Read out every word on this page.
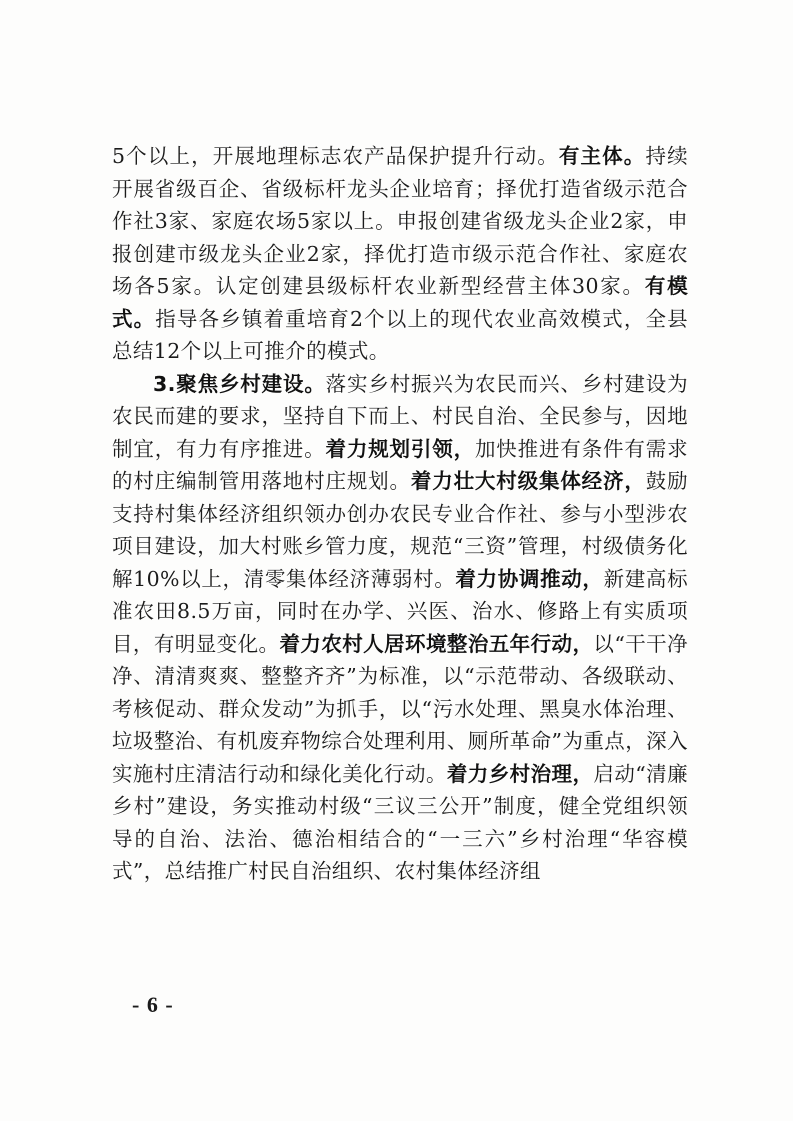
5个以上，开展地理标志农产品保护提升行动。有主体。持续开展省级百企、省级标杆龙头企业培育；择优打造省级示范合作社3家、家庭农场5家以上。申报创建省级龙头企业2家，申报创建市级龙头企业2家，择优打造市级示范合作社、家庭农场各5家。认定创建县级标杆农业新型经营主体30家。有模式。指导各乡镇着重培育2个以上的现代农业高效模式，全县总结12个以上可推介的模式。

3.聚焦乡村建设。落实乡村振兴为农民而兴、乡村建设为农民而建的要求，坚持自下而上、村民自治、全民参与，因地制宜，有力有序推进。着力规划引领，加快推进有条件有需求的村庄编制管用落地村庄规划。着力壮大村级集体经济，鼓励支持村集体经济组织领办创办农民专业合作社、参与小型涉农项目建设，加大村账乡管力度，规范“三资”管理，村级债务化解10%以上，清零集体经济薄弱村。着力协调推动，新建高标准农田8.5万亩，同时在办学、兴医、治水、修路上有实质项目，有明显变化。着力农村人居环境整治五年行动，以“干干净净、清清爽爽、整整齐齐”为标准，以“示范带动、各级联动、考核促动、群众发动”为抓手，以“污水处理、黑臭水体治理、垃圾整治、有机废弃物综合处理利用、厕所革命”为重点，深入实施村庄清洁行动和绿化美化行动。着力乡村治理，启动“清廉乡村”建设，务实推动村级“三议三公开”制度，健全党组织领导的自治、法治、德治相结合的“一三六”乡村治理“华容模式”，总结推广村民自治组织、农村集体经济组

- 6 -
